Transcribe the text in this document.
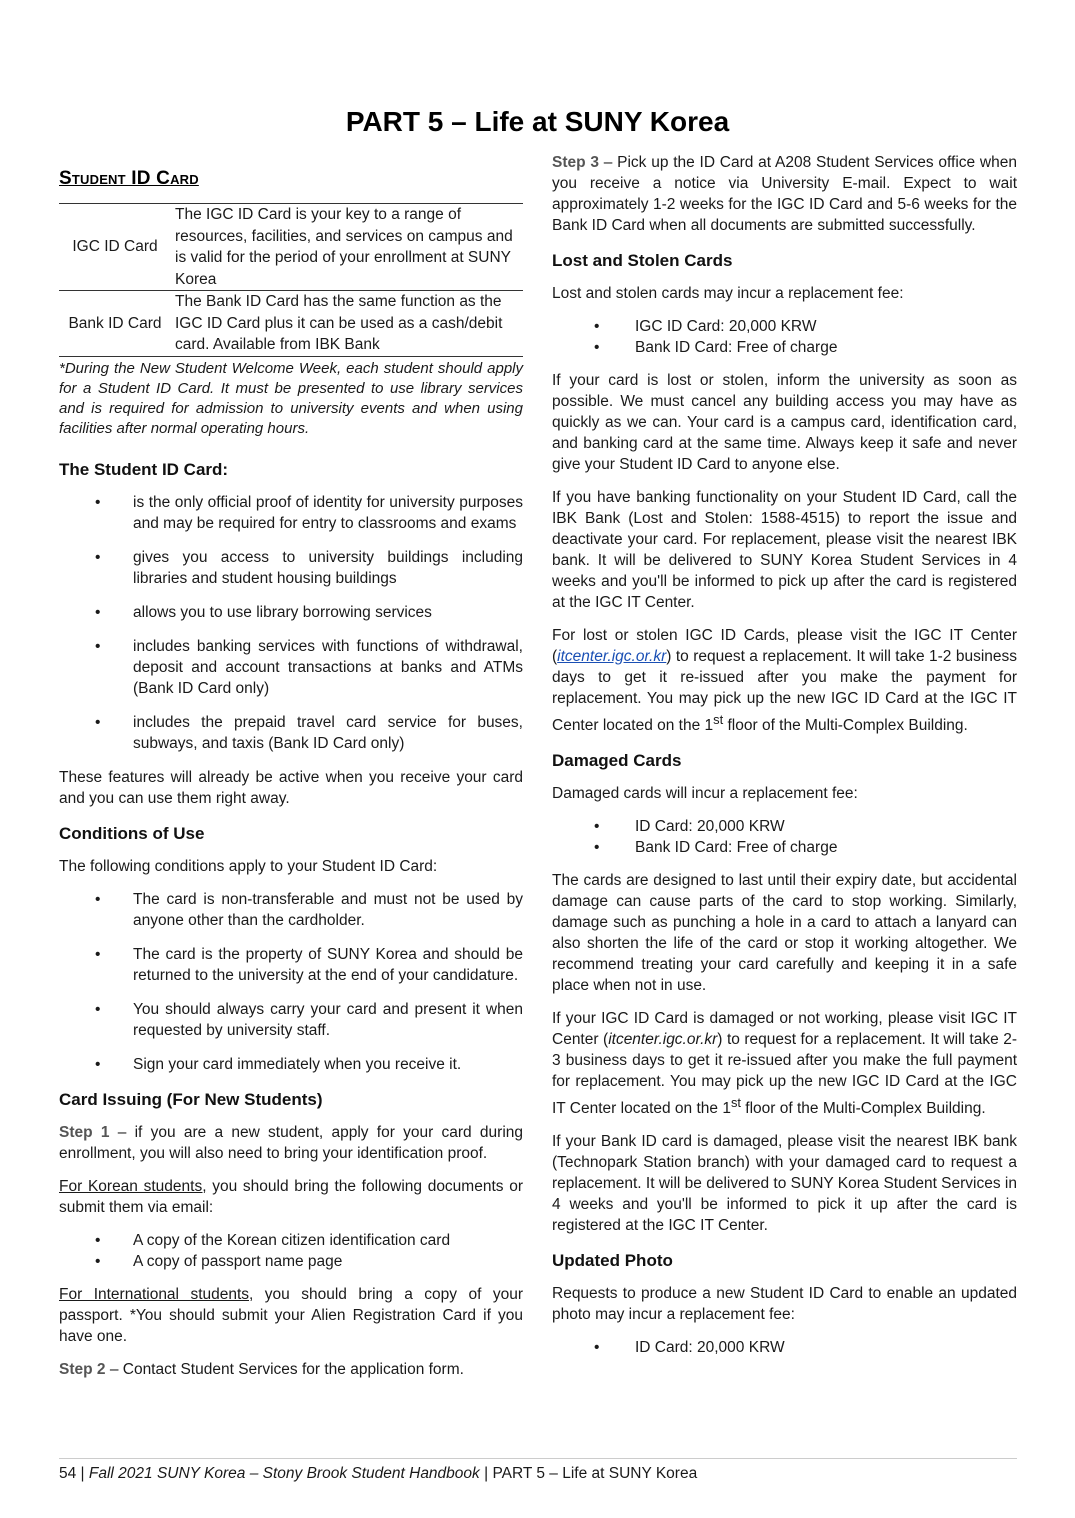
PART 5 – Life at SUNY Korea
Student ID Card
IGC ID Card	The IGC ID Card is your key to a range of resources, facilities, and services on campus and is valid for the period of your enrollment at SUNY Korea
Bank ID Card	The Bank ID Card has the same function as the IGC ID Card plus it can be used as a cash/debit card. Available from IBK Bank
*During the New Student Welcome Week, each student should apply for a Student ID Card. It must be presented to use library services and is required for admission to university events and when using facilities after normal operating hours.
The Student ID Card:
• is the only official proof of identity for university purposes and may be required for entry to classrooms and exams
• gives you access to university buildings including libraries and student housing buildings
• allows you to use library borrowing services
• includes banking services with functions of withdrawal, deposit and account transactions at banks and ATMs (Bank ID Card only)
• includes the prepaid travel card service for buses, subways, and taxis (Bank ID Card only)

These features will already be active when you receive your card and you can use them right away.

Conditions of Use

The following conditions apply to your Student ID Card:

• The card is non-transferable and must not be used by anyone other than the cardholder.
• The card is the property of SUNY Korea and should be returned to the university at the end of your candidature.
• You should always carry your card and present it when requested by university staff.
• Sign your card immediately when you receive it.
Card Issuing (For New Students)

Step 1 – if you are a new student, apply for your card during enrollment, you will also need to bring your identification proof.

For Korean students, you should bring the following documents or submit them via email:

• A copy of the Korean citizen identification card
• A copy of passport name page

For International students, you should bring a copy of your passport. *You should submit your Alien Registration Card if you have one.

Step 2 – Contact Student Services for the application form.

Step 3 – Pick up the ID Card at A208 Student Services office when you receive a notice via University E-mail. Expect to wait approximately 1-2 weeks for the IGC ID Card and 5-6 weeks for the Bank ID Card when all documents are submitted successfully.

Lost and Stolen Cards

Lost and stolen cards may incur a replacement fee:

• IGC ID Card: 20,000 KRW
• Bank ID Card: Free of charge

If your card is lost or stolen, inform the university as soon as possible. We must cancel any building access you may have as quickly as we can. Your card is a campus card, identification card, and banking card at the same time. Always keep it safe and never give your Student ID Card to anyone else.

If you have banking functionality on your Student ID Card, call the IBK Bank (Lost and Stolen: 1588-4515) to report the issue and deactivate your card. For replacement, please visit the nearest IBK bank. It will be delivered to SUNY Korea Student Services in 4 weeks and you'll be informed to pick up after the card is registered at the IGC IT Center.

For lost or stolen IGC ID Cards, please visit the IGC IT Center (itcenter.igc.or.kr) to request a replacement. It will take 1-2 business days to get it re-issued after you make the payment for replacement. You may pick up the new IGC ID Card at the IGC IT Center located on the 1st floor of the Multi-Complex Building.

Damaged Cards

Damaged cards will incur a replacement fee:

• ID Card: 20,000 KRW
• Bank ID Card: Free of charge

The cards are designed to last until their expiry date, but accidental damage can cause parts of the card to stop working. Similarly, damage such as punching a hole in a card to attach a lanyard can also shorten the life of the card or stop it working altogether. We recommend treating your card carefully and keeping it in a safe place when not in use.

If your IGC ID Card is damaged or not working, please visit IGC IT Center (itcenter.igc.or.kr) to request for a replacement. It will take 2-3 business days to get it re-issued after you make the full payment for replacement. You may pick up the new IGC ID Card at the IGC IT Center located on the 1st floor of the Multi-Complex Building.

If your Bank ID card is damaged, please visit the nearest IBK bank (Technopark Station branch) with your damaged card to request a replacement. It will be delivered to SUNY Korea Student Services in 4 weeks and you'll be informed to pick it up after the card is registered at the IGC IT Center.

Updated Photo

Requests to produce a new Student ID Card to enable an updated photo may incur a replacement fee:

• ID Card: 20,000 KRW
54 | Fall 2021 SUNY Korea – Stony Brook Student Handbook | PART 5 – Life at SUNY Korea
